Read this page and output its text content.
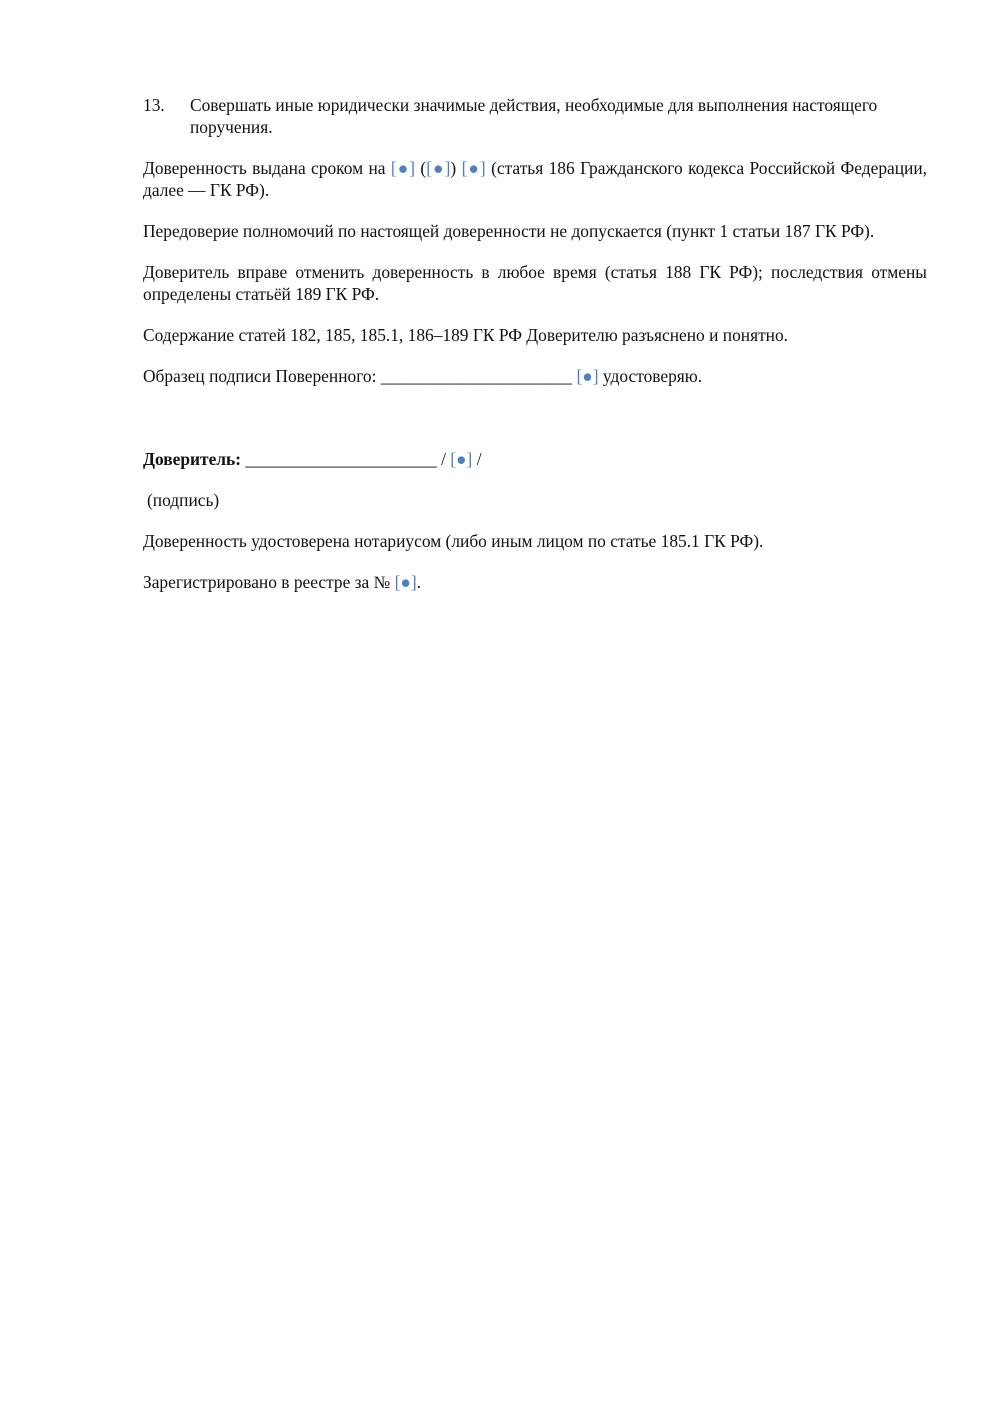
13. Совершать иные юридически значимые действия, необходимые для выполнения настоящего поручения.

Доверенность выдана сроком на [●] ([●]) [●] (статья 186 Гражданского кодекса Российской Федерации, далее — ГК РФ).

Передоверие полномочий по настоящей доверенности не допускается (пункт 1 статьи 187 ГК РФ).

Доверитель вправе отменить доверенность в любое время (статья 188 ГК РФ); последствия отмены определены статьёй 189 ГК РФ.

Содержание статей 182, 185, 185.1, 186–189 ГК РФ Доверителю разъяснено и понятно.

Образец подписи Поверенного: ______________________ [●] удостоверяю.

Доверитель: ______________________ / [●] /

(подпись)

Доверенность удостоверена нотариусом (либо иным лицом по статье 185.1 ГК РФ).

Зарегистрировано в реестре за № [●].
